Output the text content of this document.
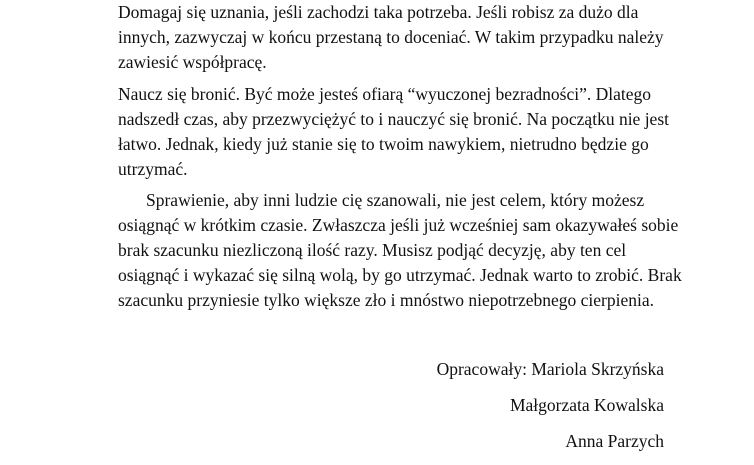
Domagaj się uznania, jeśli zachodzi taka potrzeba. Jeśli robisz za dużo dla
innych, zazwyczaj w końcu przestaną to doceniać. W takim przypadku należy
zawiesić współpracę.
Naucz się bronić. Być może jesteś ofiarą “wyuczonej bezradności”. Dlatego
nadszedł czas, aby przezwyciężyć to i nauczyć się bronić. Na początku nie jest
łatwo. Jednak, kiedy już stanie się to twoim nawykiem, nietrudno będzie go
utrzymać.
Sprawienie, aby inni ludzie cię szanowali, nie jest celem, który możesz
osiągnąć w krótkim czasie. Zwłaszcza jeśli już wcześniej sam okazywałeś sobie
brak szacunku niezliczoną ilość razy. Musisz podjąć decyzję, aby ten cel
osiągnąć i wykazać się silną wolą, by go utrzymać. Jednak warto to zrobić. Brak
szacunku przyniesie tylko większe zło i mnóstwo niepotrzebnego cierpienia.
Opracowały: Mariola Skrzyńska
Małgorzata Kowalska
Anna Parzych
